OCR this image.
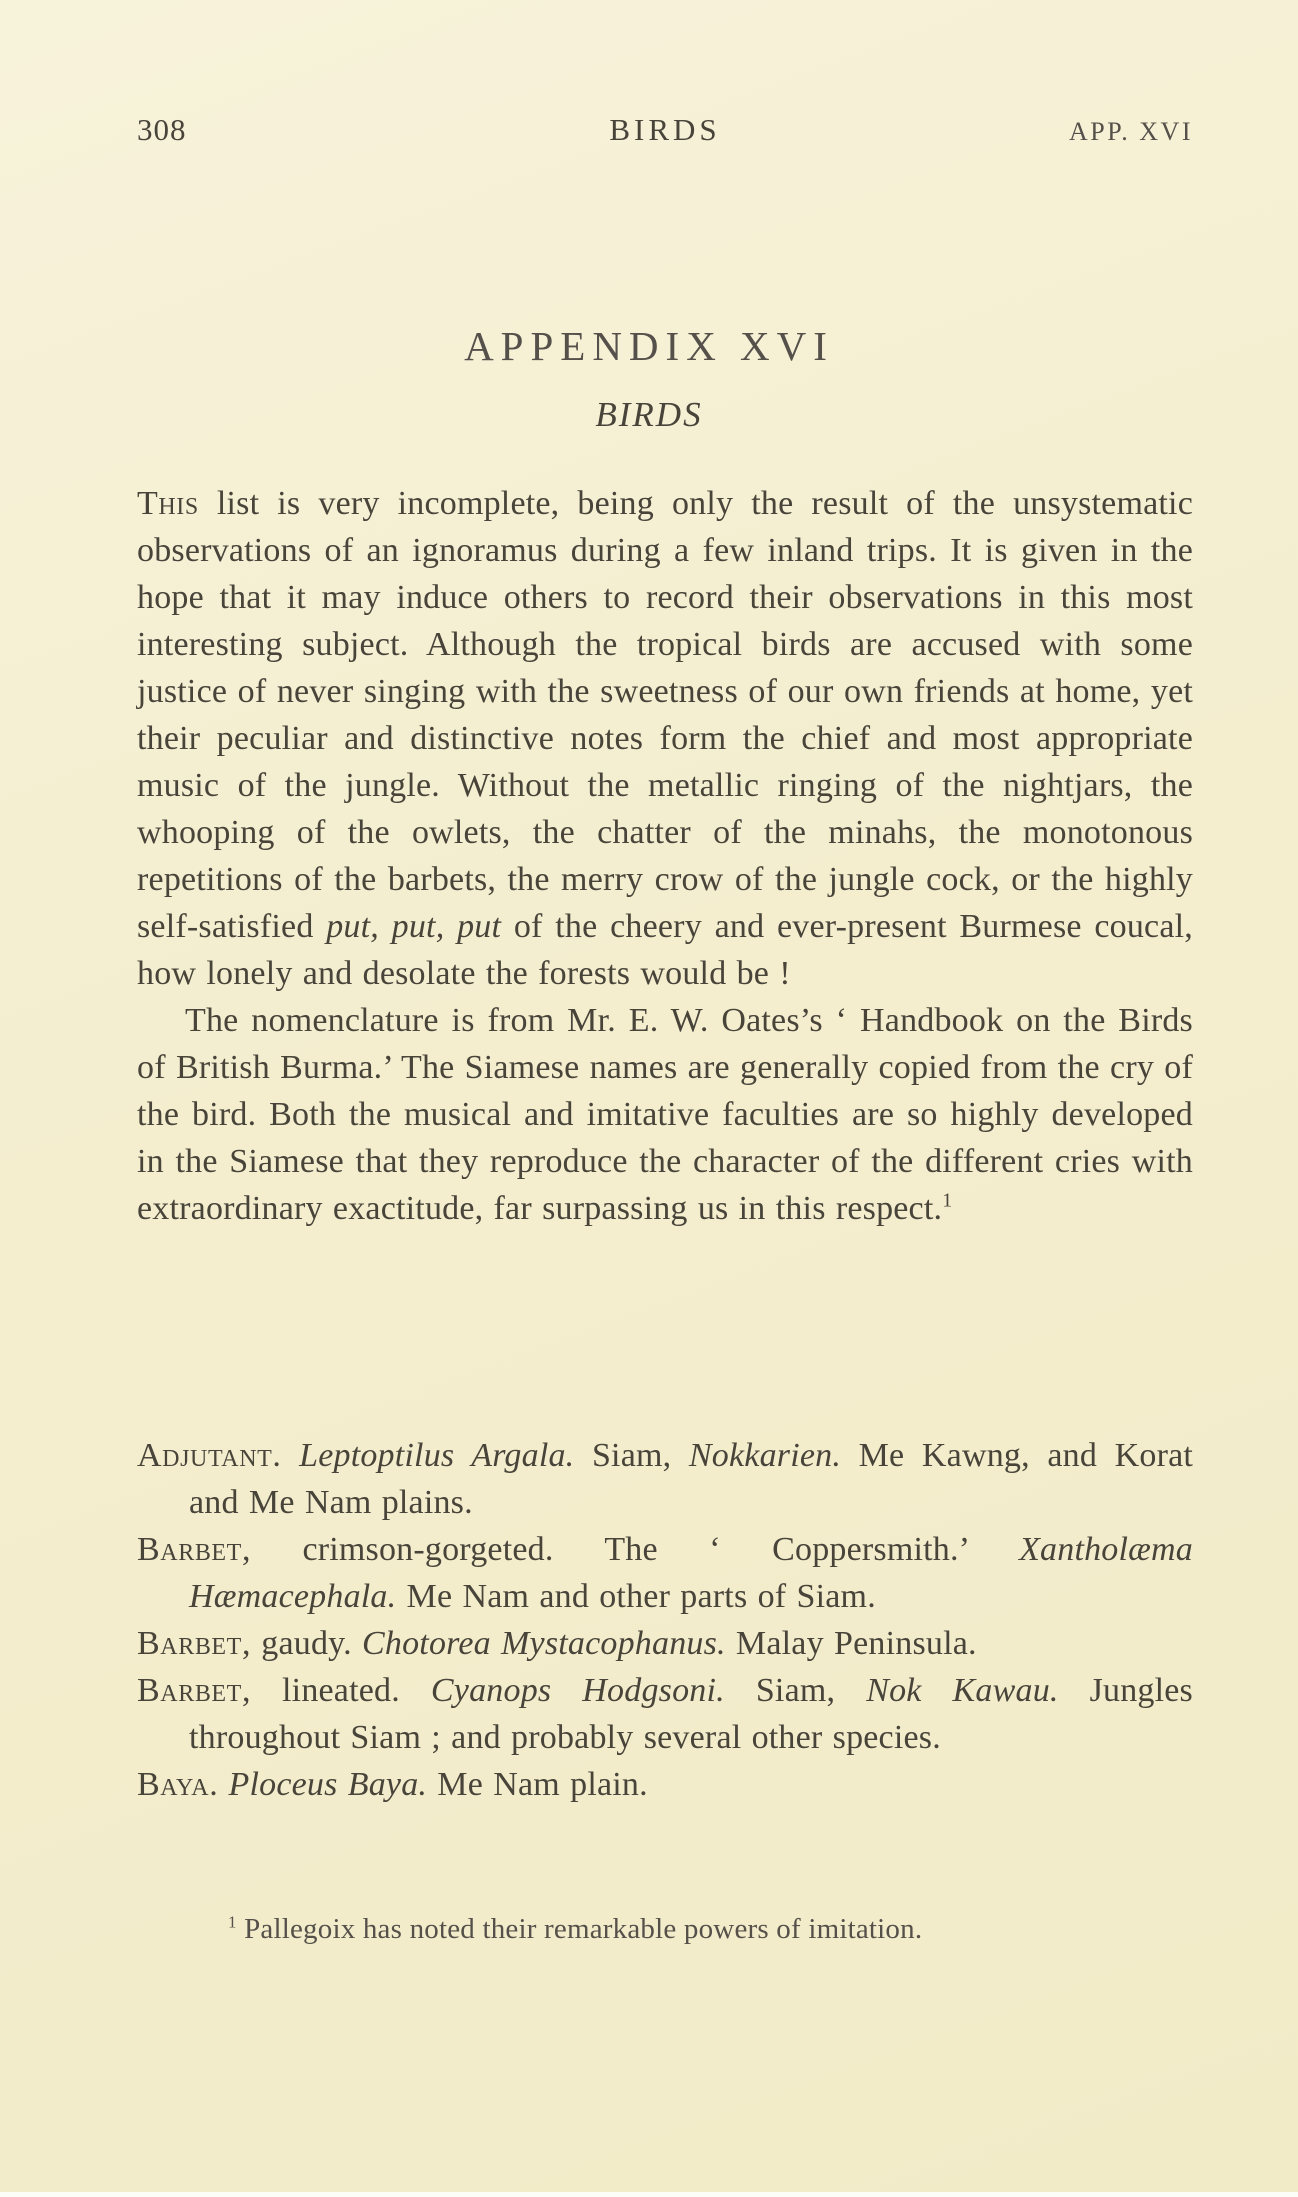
308	BIRDS	APP. XVI
APPENDIX XVI
BIRDS

This list is very incomplete, being only the result of the unsystematic observations of an ignoramus during a few inland trips. It is given in the hope that it may induce others to record their observations in this most interesting subject. Although the tropical birds are accused with some justice of never singing with the sweetness of our own friends at home, yet their peculiar and distinctive notes form the chief and most appropriate music of the jungle. Without the metallic ringing of the nightjars, the whooping of the owlets, the chatter of the minahs, the monotonous repetitions of the barbets, the merry crow of the jungle cock, or the highly self-satisfied put, put, put of the cheery and ever-present Burmese coucal, how lonely and desolate the forests would be !

The nomenclature is from Mr. E. W. Oates’s ‘ Handbook on the Birds of British Burma.’ The Siamese names are generally copied from the cry of the bird. Both the musical and imitative faculties are so highly developed in the Siamese that they reproduce the character of the different cries with extraordinary exactitude, far surpassing us in this respect.$^1$

Adjutant. Leptoptilus Argala. Siam, Nokkarien. Me Kawng, and Korat and Me Nam plains.

Barbet, crimson-gorgeted. The ‘ Coppersmith.’ Xantholæma Hæmacephala. Me Nam and other parts of Siam.

Barbet, gaudy. Chotorea Mystacophanus. Malay Peninsula.

Barbet, lineated. Cyanops Hodgsoni. Siam, Nok Kawau. Jungles throughout Siam ; and probably several other species.

Baya. Ploceus Baya. Me Nam plain.

$^1$ Pallegoix has noted their remarkable powers of imitation.
